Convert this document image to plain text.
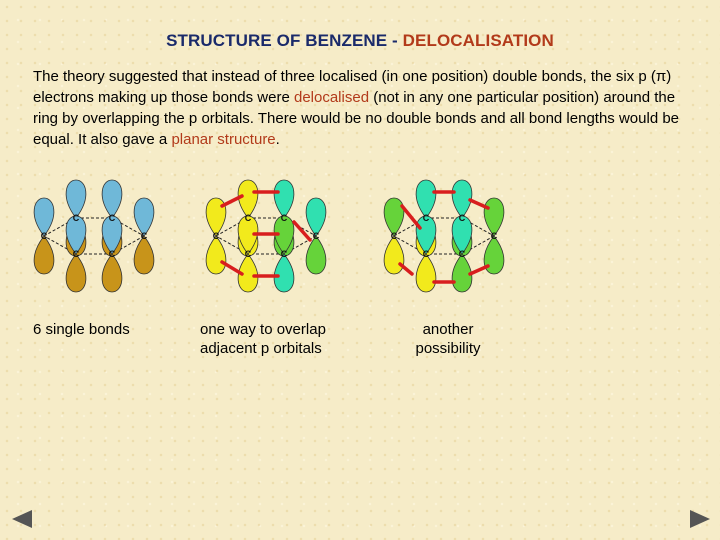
STRUCTURE OF BENZENE - DELOCALISATION
The theory suggested that instead of three localised (in one position) double bonds, the six p (π) electrons making up those bonds were delocalised (not in any one particular position) around the ring by overlapping the p orbitals. There would be no double bonds and all bond lengths would be equal. It also gave a planar structure.
C	C
C
C
C
C
C	C
C
C
C
C
C	C
C
C
C
C
6 single bonds	one way to overlap
adjacent p orbitals
another
possibility
